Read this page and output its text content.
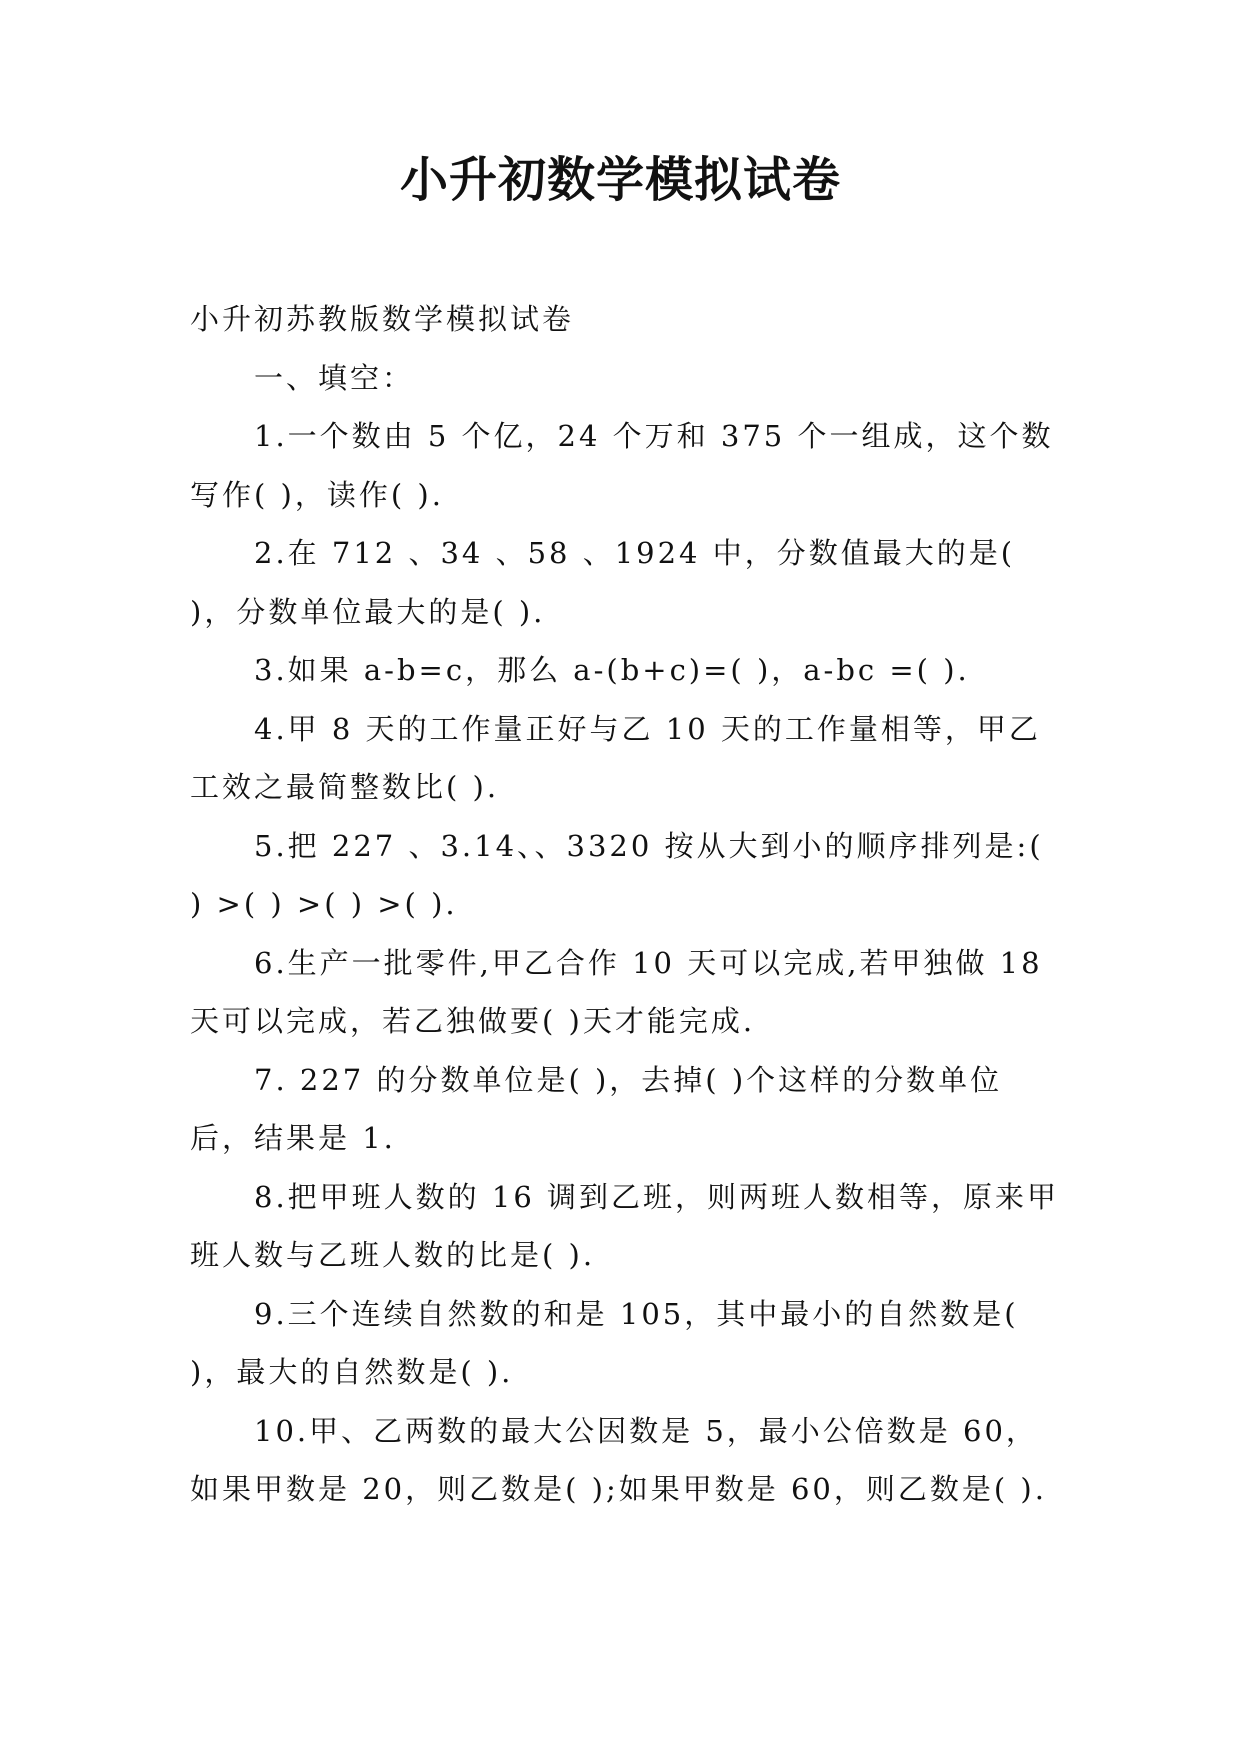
小升初数学模拟试卷

小升初苏教版数学模拟试卷

一、填空：

1.一个数由 5 个亿，24 个万和 375 个一组成，这个数写作( )，读作( ).

2.在 712 、34 、58 、1924 中，分数值最大的是( )，分数单位最大的是( ).

3.如果 a-b=c，那么 a-(b+c)=( )，a-bc =( ).

4.甲 8 天的工作量正好与乙 10 天的工作量相等，甲乙工效之最简整数比( ).

5.把 227 、3.14、、3320 按从大到小的顺序排列是:( ) >( ) >( ) >( ).

6.生产一批零件,甲乙合作 10 天可以完成,若甲独做 18 天可以完成，若乙独做要( )天才能完成.

7. 227 的分数单位是( )，去掉( )个这样的分数单位后，结果是 1.

8.把甲班人数的 16 调到乙班，则两班人数相等，原来甲班人数与乙班人数的比是( ).

9.三个连续自然数的和是 105，其中最小的自然数是( )，最大的自然数是( ).

10.甲、乙两数的最大公因数是 5，最小公倍数是 60，如果甲数是 20，则乙数是( );如果甲数是 60，则乙数是( ).
